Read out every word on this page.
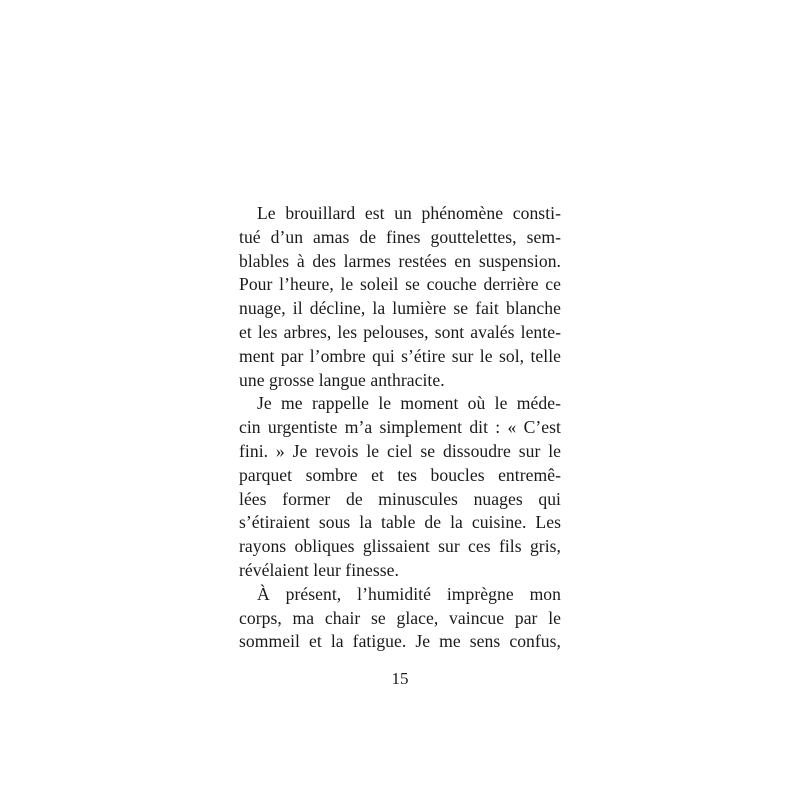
Le brouillard est un phénomène consti-
tué d’un amas de fines gouttelettes, sem-
blables à des larmes restées en suspension.
Pour l’heure, le soleil se couche derrière ce
nuage, il décline, la lumière se fait blanche
et les arbres, les pelouses, sont avalés lente-
ment par l’ombre qui s’étire sur le sol, telle
une grosse langue anthracite.
Je me rappelle le moment où le méde-
cin urgentiste m’a simplement dit : « C’est
fini. » Je revois le ciel se dissoudre sur le
parquet sombre et tes boucles entremê-
lées former de minuscules nuages qui
s’étiraient sous la table de la cuisine. Les
rayons obliques glissaient sur ces fils gris,
révélaient leur finesse.
À présent, l’humidité imprègne mon
corps, ma chair se glace, vaincue par le
sommeil et la fatigue. Je me sens confus,
15
